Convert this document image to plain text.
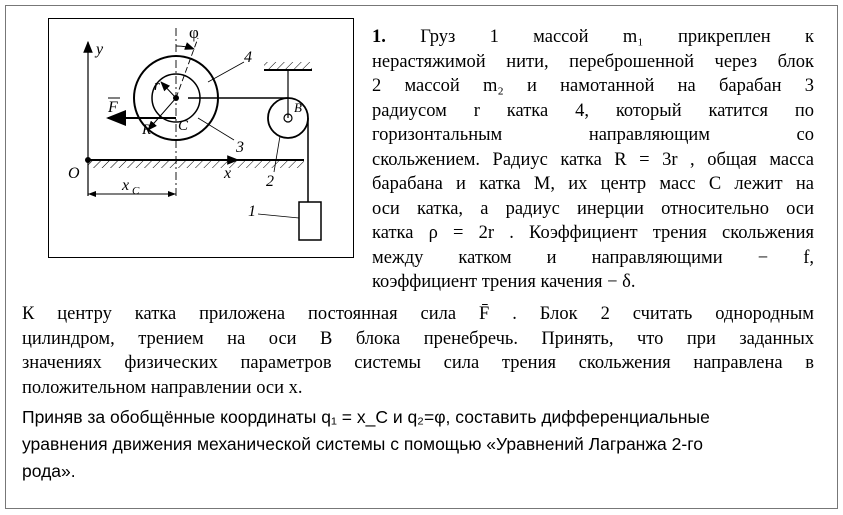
φ
y
x
O
F
r
R C
B
x C
1
2
3
4
1. Груз 1 массой m₁ прикреплен к
нерастяжимой нити, переброшенной через блок
2 массой m₂ и намотанной на барабан 3
радиусом r катка 4, который катится по
горизонтальным направляющим со
скольжением. Радиус катка R = 3r , общая масса
барабана и катка M, их центр масс C лежит на
оси катка, а радиус инерции относительно оси
катка ρ = 2r . Коэффициент трения скольжения
между катком и направляющими − f,
коэффициент трения качения − δ.
К центру катка приложена постоянная сила F̄ . Блок 2 считать однородным
цилиндром, трением на оси B блока пренебречь. Принять, что при заданных
значениях физических параметров системы сила трения скольжения направлена в
положительном направлении оси x.
Приняв за обобщённые координаты q₁ = x_C и q₂=φ, составить дифференциальные
уравнения движения механической системы с помощью «Уравнений Лагранжа 2-го
рода».
